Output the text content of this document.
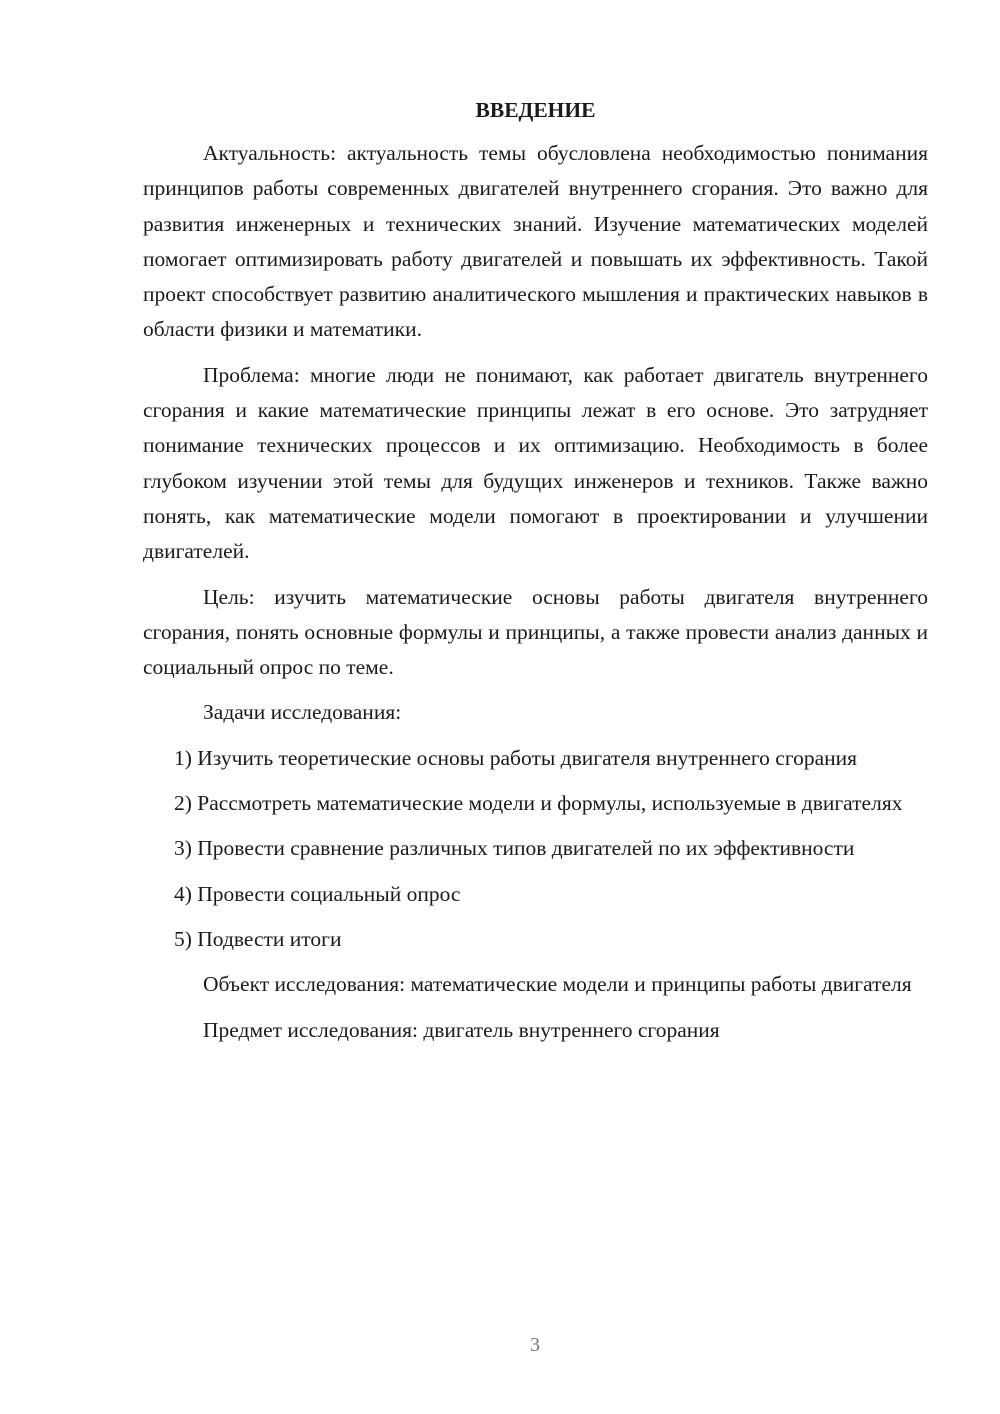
ВВЕДЕНИЕ

Актуальность: актуальность темы обусловлена необходимостью понимания принципов работы современных двигателей внутреннего сгорания. Это важно для развития инженерных и технических знаний. Изучение математических моделей помогает оптимизировать работу двигателей и повышать их эффективность. Такой проект способствует развитию аналитического мышления и практических навыков в области физики и математики.

Проблема: многие люди не понимают, как работает двигатель внутреннего сгорания и какие математические принципы лежат в его основе. Это затрудняет понимание технических процессов и их оптимизацию. Необходимость в более глубоком изучении этой темы для будущих инженеров и техников. Также важно понять, как математические модели помогают в проектировании и улучшении двигателей.

Цель: изучить математические основы работы двигателя внутреннего сгорания, понять основные формулы и принципы, а также провести анализ данных и социальный опрос по теме.

Задачи исследования:

1) Изучить теоретические основы работы двигателя внутреннего сгорания

2) Рассмотреть математические модели и формулы, используемые в двигателях

3) Провести сравнение различных типов двигателей по их эффективности

4) Провести социальный опрос

5) Подвести итоги

Объект исследования: математические модели и принципы работы двигателя

Предмет исследования: двигатель внутреннего сгорания

3
